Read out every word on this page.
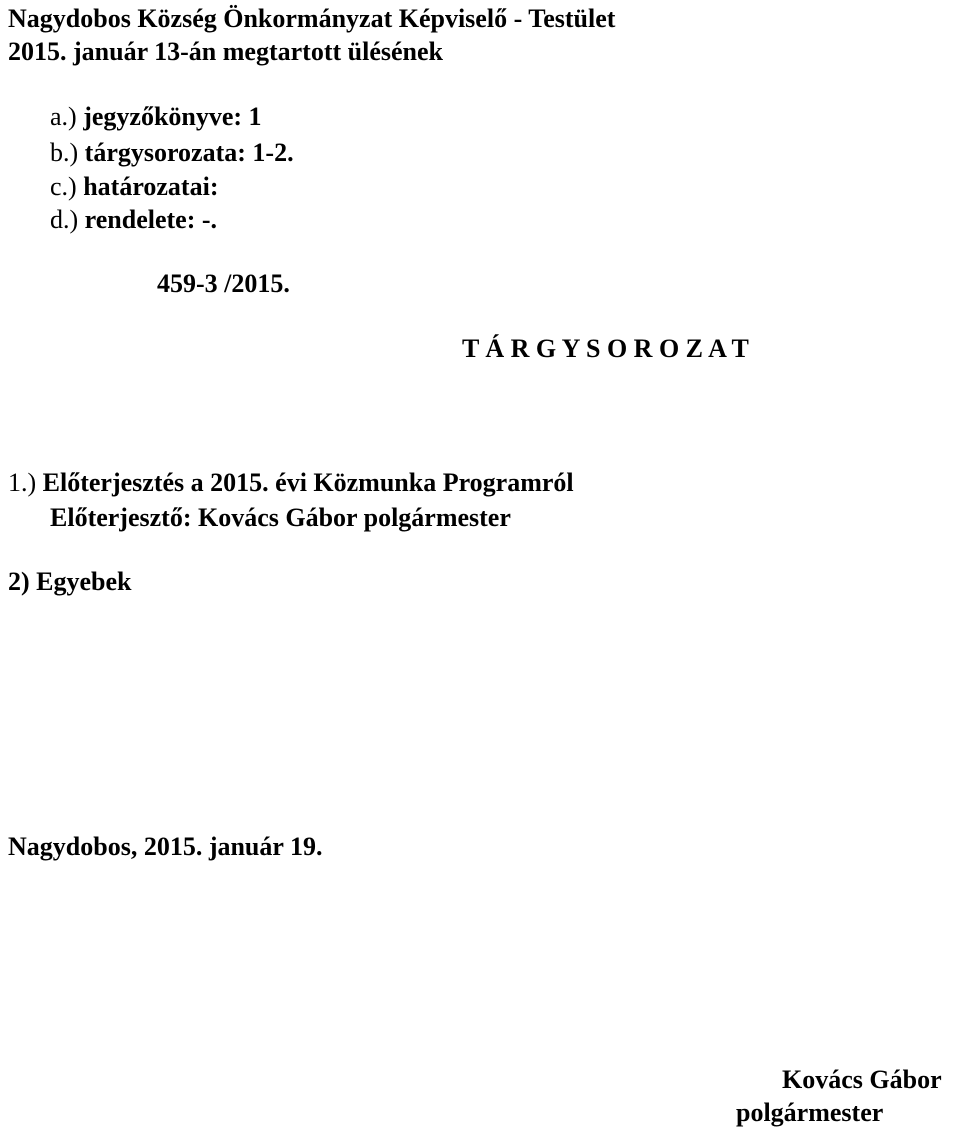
Nagydobos Község Önkormányzat Képviselő - Testület

2015. január 13-án megtartott ülésének

a.) jegyzőkönyve: 1

b.) tárgysorozata: 1-2.

c.) határozatai:

d.) rendelete: -.

459-3 /2015.

T Á R G Y S O R O Z A T

1.) Előterjesztés a 2015. évi Közmunka Programról

Előterjesztő: Kovács Gábor polgármester

2) Egyebek

Nagydobos, 2015. január 19.

Kovács Gábor

polgármester
